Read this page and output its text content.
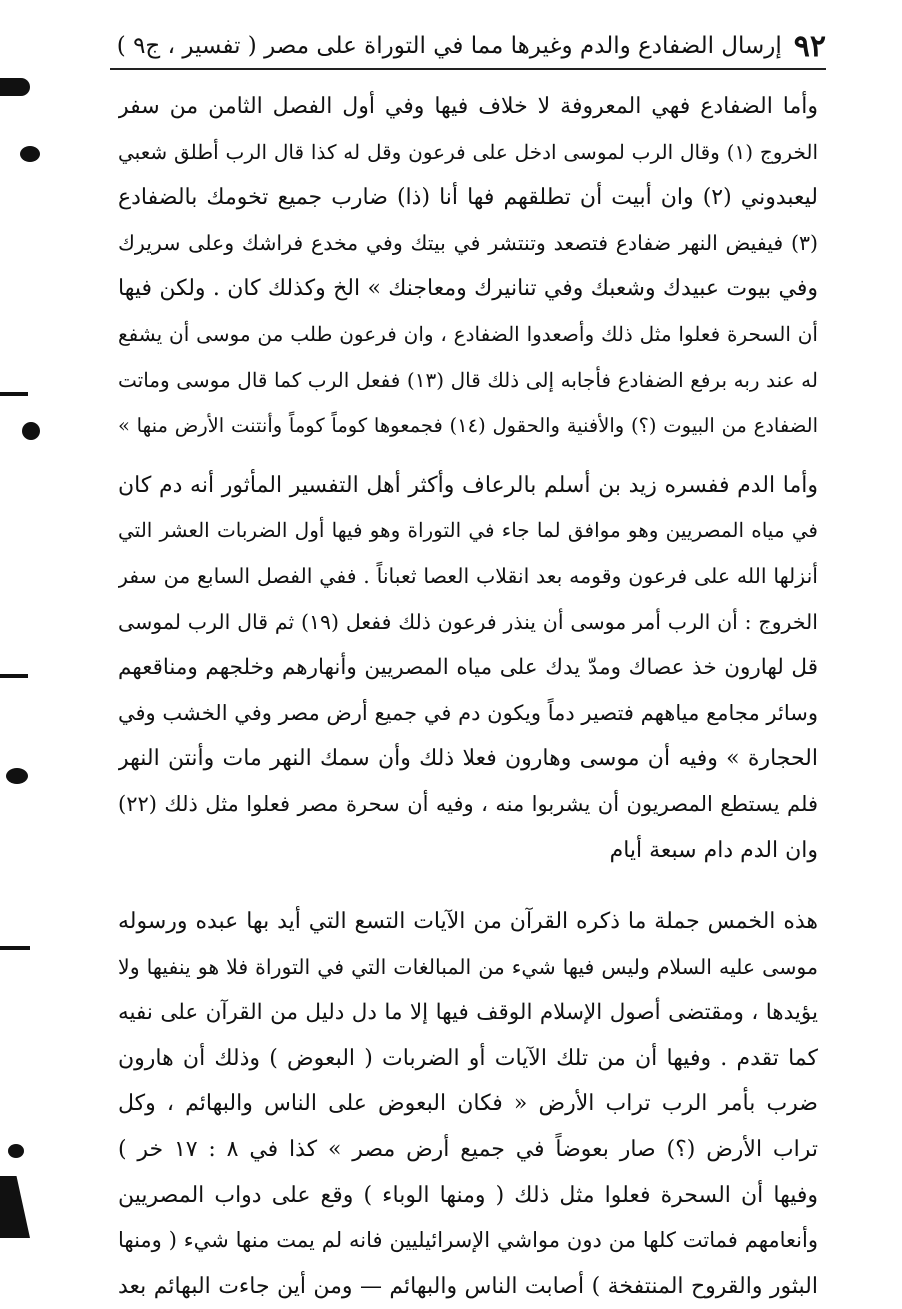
٩٢
إرسال الضفادع والدم وغيرها مما في التوراة على مصر ( تفسير ، ج٩ )
وأما الضفادع فهي المعروفة لا خلاف فيها وفي أول الفصل الثامن من سفر
الخروج (١) وقال الرب لموسى ادخل على فرعون وقل له كذا قال الرب أطلق شعبي
ليعبدوني (٢) وان أبيت أن تطلقهم فها أنا (ذا) ضارب جميع تخومك بالضفادع
(٣) فيفيض النهر ضفادع فتصعد وتنتشر في بيتك وفي مخدع فراشك وعلى سريرك
وفي بيوت عبيدك وشعبك وفي تنانيرك ومعاجنك » الخ وكذلك كان . ولكن فيها
أن السحرة فعلوا مثل ذلك وأصعدوا الضفادع ، وان فرعون طلب من موسى أن يشفع
له عند ربه برفع الضفادع فأجابه إلى ذلك قال (١٣) ففعل الرب كما قال موسى وماتت
الضفادع من البيوت (؟) والأفنية والحقول (١٤) فجمعوها كوماً كوماً وأنتنت الأرض منها »
وأما الدم ففسره زيد بن أسلم بالرعاف وأكثر أهل التفسير المأثور أنه دم كان
في مياه المصريين وهو موافق لما جاء في التوراة وهو فيها أول الضربات العشر التي
أنزلها الله على فرعون وقومه بعد انقلاب العصا ثعباناً . ففي الفصل السابع من سفر
الخروج : أن الرب أمر موسى أن ينذر فرعون ذلك ففعل (١٩) ثم قال الرب لموسى
قل لهارون خذ عصاك ومدّ يدك على مياه المصريين وأنهارهم وخلجهم ومناقعهم
وسائر مجامع مياههم فتصير دماً ويكون دم في جميع أرض مصر وفي الخشب وفي
الحجارة » وفيه أن موسى وهارون فعلا ذلك وأن سمك النهر مات وأنتن النهر
فلم يستطع المصريون أن يشربوا منه ، وفيه أن سحرة مصر فعلوا مثل ذلك (٢٢)
وان الدم دام سبعة أيام
هذه الخمس جملة ما ذكره القرآن من الآيات التسع التي أيد بها عبده ورسوله
موسى عليه السلام وليس فيها شيء من المبالغات التي في التوراة فلا هو ينفيها ولا
يؤيدها ، ومقتضى أصول الإسلام الوقف فيها إلا ما دل دليل من القرآن على نفيه
كما تقدم . وفيها أن من تلك الآيات أو الضربات ( البعوض ) وذلك أن هارون
ضرب بأمر الرب تراب الأرض « فكان البعوض على الناس والبهائم ، وكل
تراب الأرض (؟) صار بعوضاً في جميع أرض مصر » كذا في ٨ : ١٧ خر )
وفيها أن السحرة فعلوا مثل ذلك ( ومنها الوباء ) وقع على دواب المصريين
وأنعامهم فماتت كلها من دون مواشي الإسرائيليين فانه لم يمت منها شيء ( ومنها
البثور والقروح المنتفخة ) أصابت الناس والبهائم — ومن أين جاءت البهائم بعد
